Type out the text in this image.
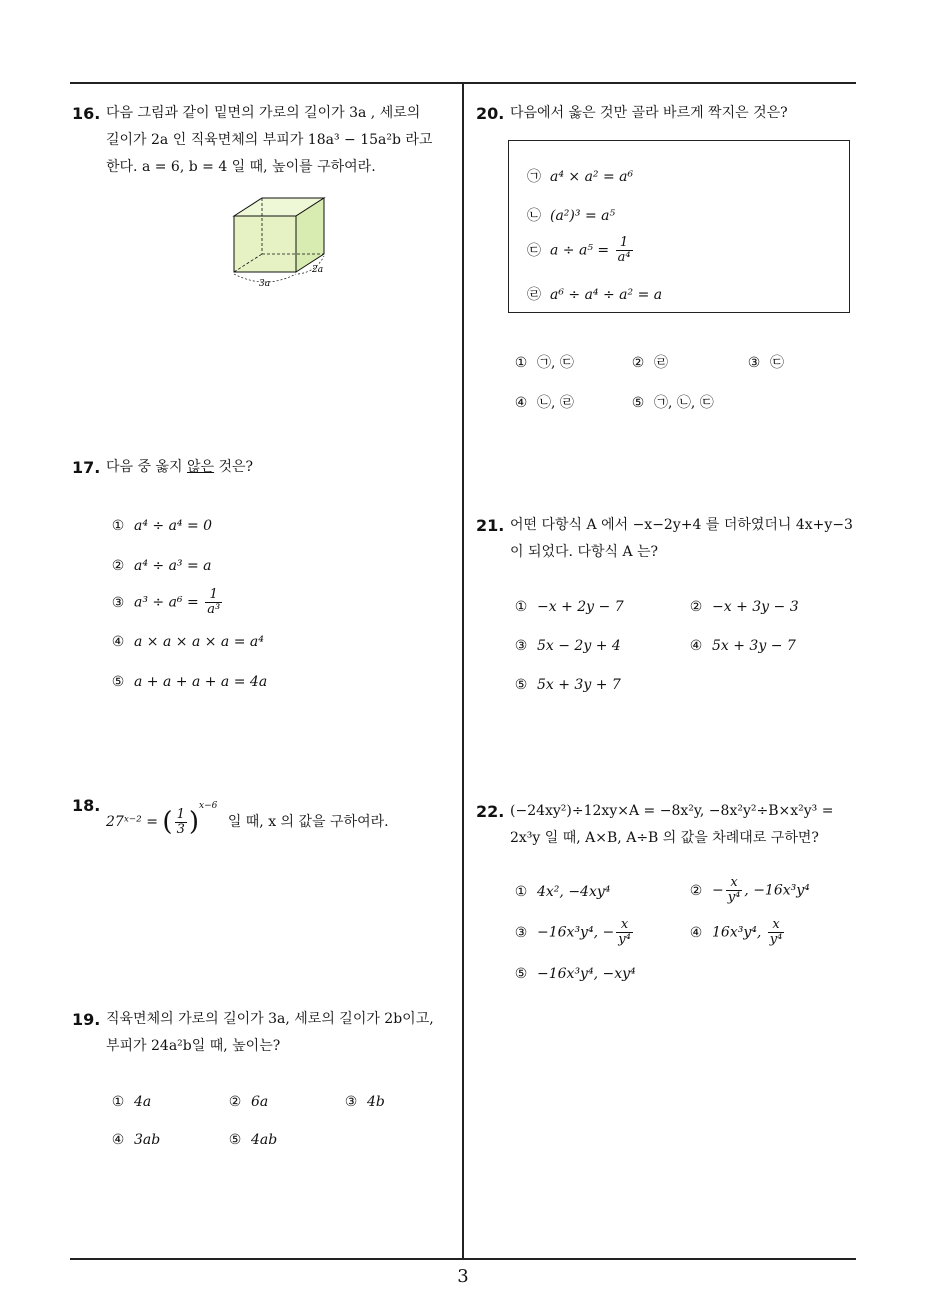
16. 다음 그림과 같이 밑면의 가로의 길이가 3a , 세로의
길이가 2a 인 직육면체의 부피가 18a³ − 15a²b 라고
한다. a = 6, b = 4 일 때, 높이를 구하여라.
3a
2a
17. 다음 중 옳지 않은 것은?
① a⁴ ÷ a⁴ = 0
② a⁴ ÷ a³ = a
③ $a^3 \div a^6 = \frac{1}{\text{a³}}$
④ a × a × a × a = a⁴
⑤ a + a + a + a = 4a
18.
27ˣ⁻² = ( $\frac{1}{3} )^{x-6}$ 일 때, x 의 값을 구하여라.
19. 직육면체의 가로의 길이가 3a, 세로의 길이가 2b이고,
부피가 24a²b일 때, 높이는?
① 4a	② 6a	③ 4b
④ 3ab	⑤ 4ab
20. 다음에서 옳은 것만 골라 바르게 짝지은 것은?
㉠ a⁴ × a² = a⁶
㉡ (a²)³ = a⁵
㉢ $a \div a^5 = \frac{1}{\text{a⁴}}$
㉣ a⁶ ÷ a⁴ ÷ a² = a
① ㉠, ㉢	② ㉣	③ ㉢
④ ㉡, ㉣	⑤ ㉠, ㉡, ㉢
21. 어떤 다항식 A 에서 −x−2y+4 를 더하였더니 4x+y−3
이 되었다. 다항식 A 는?
① −x + 2y − 7	② −x + 3y − 3
③ 5x − 2y + 4	④ 5x + 3y − 7
⑤ 5x + 3y + 7
22. (−24xy²)÷12xy×A = −8x²y, −8x²y²÷B×x²y³ =
2x³y 일 때, A×B, A÷B 의 값을 차례대로 구하면?
① 4x², −4xy⁴	② − $\frac{x}{\text{y⁴}}$ , −16x³y⁴
③ −16x³y⁴, − $\frac{x}{\text{y⁴}}$	④ 16x³y⁴, $\frac{x}{\text{y⁴}}$
⑤ −16x³y⁴, −xy⁴
3
